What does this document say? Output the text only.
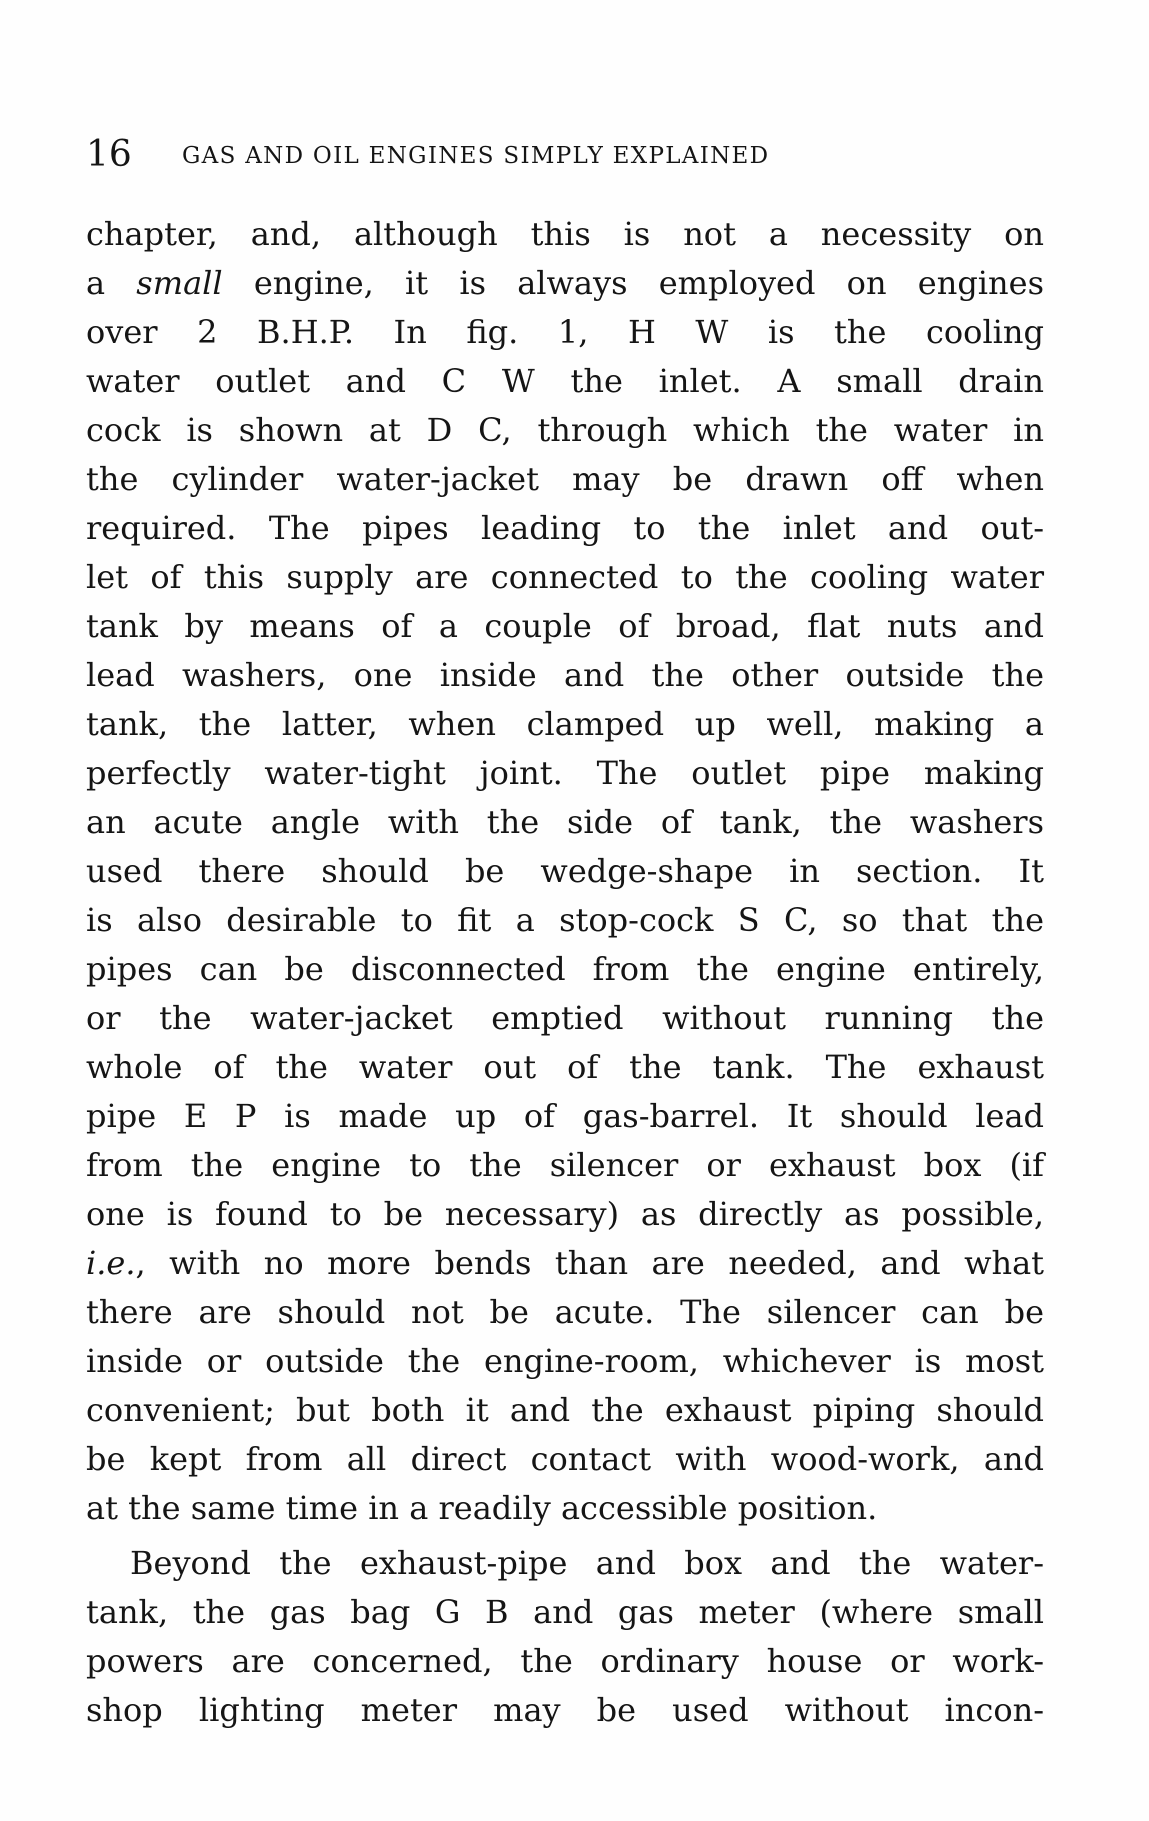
16 GAS AND OIL ENGINES SIMPLY EXPLAINED
chapter, and, although this is not a necessity on
a small engine, it is always employed on engines
over 2 B.H.P. In fig. 1, H W is the cooling
water outlet and C W the inlet. A small drain
cock is shown at D C, through which the water in
the cylinder water-jacket may be drawn off when
required. The pipes leading to the inlet and out-
let of this supply are connected to the cooling water
tank by means of a couple of broad, flat nuts and
lead washers, one inside and the other outside the
tank, the latter, when clamped up well, making a
perfectly water-tight joint. The outlet pipe making
an acute angle with the side of tank, the washers
used there should be wedge-shape in section. It
is also desirable to fit a stop-cock S C, so that the
pipes can be disconnected from the engine entirely,
or the water-jacket emptied without running the
whole of the water out of the tank. The exhaust
pipe E P is made up of gas-barrel. It should lead
from the engine to the silencer or exhaust box (if
one is found to be necessary) as directly as possible,
i.e., with no more bends than are needed, and what
there are should not be acute. The silencer can be
inside or outside the engine-room, whichever is most
convenient; but both it and the exhaust piping should
be kept from all direct contact with wood-work, and
at the same time in a readily accessible position.
Beyond the exhaust-pipe and box and the water-
tank, the gas bag G B and gas meter (where small
powers are concerned, the ordinary house or work-
shop lighting meter may be used without incon-
